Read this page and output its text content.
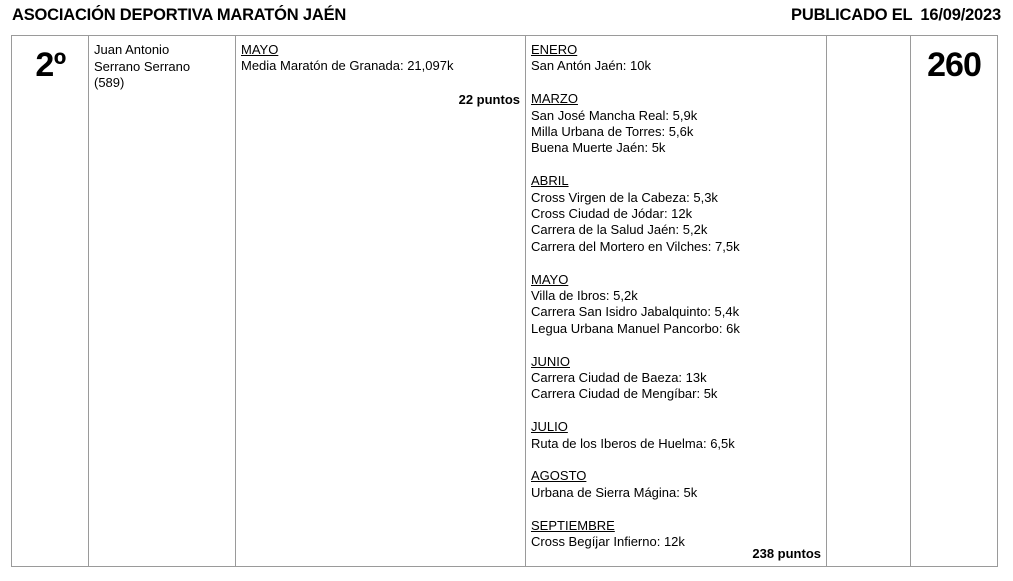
ASOCIACIÓN DEPORTIVA MARATÓN JAÉN	PUBLICADO EL 16/09/2023
2º	Juan Antonio
Serrano Serrano
(589)
MAYO
Media Maratón de Granada: 21,097k
22 puntos
ENERO
San Antón Jaén: 10k
MARZO
San José Mancha Real: 5,9k
Milla Urbana de Torres: 5,6k
Buena Muerte Jaén: 5k
ABRIL
Cross Virgen de la Cabeza: 5,3k
Cross Ciudad de Jódar: 12k
Carrera de la Salud Jaén: 5,2k
Carrera del Mortero en Vilches: 7,5k
MAYO
Villa de Ibros: 5,2k
Carrera San Isidro Jabalquinto: 5,4k
Legua Urbana Manuel Pancorbo: 6k
JUNIO
Carrera Ciudad de Baeza: 13k
Carrera Ciudad de Mengíbar: 5k
JULIO
Ruta de los Iberos de Huelma: 6,5k
AGOSTO
Urbana de Sierra Mágina: 5k
SEPTIEMBRE
Cross Begíjar Infierno: 12k
238 puntos
260
